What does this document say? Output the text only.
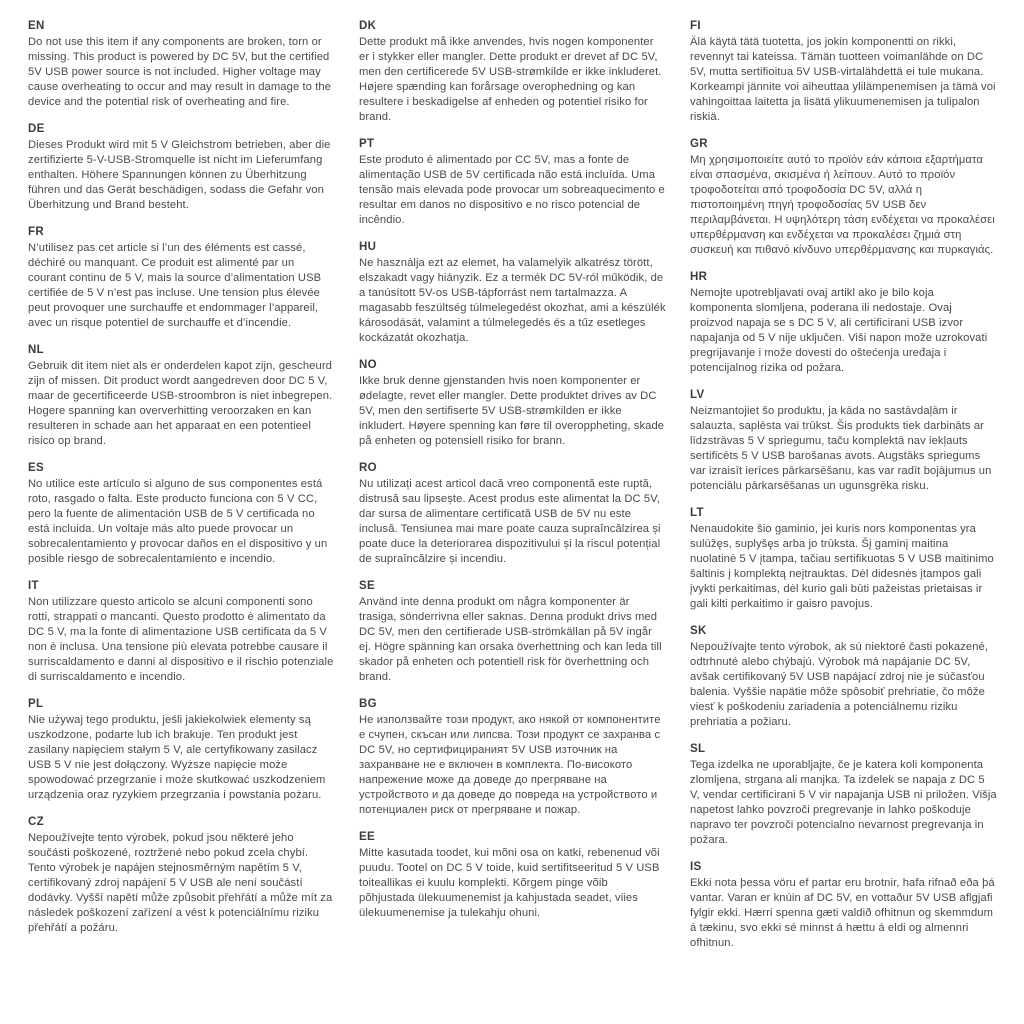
EN

Do not use this item if any components are broken, torn or missing. This product is powered by DC 5V, but the certified 5V USB power source is not included. Higher voltage may cause overheating to occur and may result in damage to the device and the potential risk of overheating and fire.

DE

Dieses Produkt wird mit 5 V Gleichstrom betrieben, aber die zertifizierte 5-V-USB-Stromquelle ist nicht im Lieferumfang enthalten. Höhere Spannungen können zu Überhitzung führen und das Gerät beschädigen, sodass die Gefahr von Überhitzung und Brand besteht.

FR

N’utilisez pas cet article si l’un des éléments est cassé, déchiré ou manquant. Ce produit est alimenté par un courant continu de 5 V, mais la source d’alimentation USB certifiée de 5 V n’est pas incluse. Une tension plus élevée peut provoquer une surchauffe et endommager l’appareil, avec un risque potentiel de surchauffe et d’incendie.

NL

Gebruik dit item niet als er onderdelen kapot zijn, gescheurd zijn of missen. Dit product wordt aangedreven door DC 5 V, maar de gecertificeerde USB-stroombron is niet inbegrepen. Hogere spanning kan oververhitting veroorzaken en kan resulteren in schade aan het apparaat en een potentieel risico op brand.

ES

No utilice este artículo si alguno de sus componentes está roto, rasgado o falta. Este producto funciona con 5 V CC, pero la fuente de alimentación USB de 5 V certificada no está incluida. Un voltaje más alto puede provocar un sobrecalentamiento y provocar daños en el dispositivo y un posible riesgo de sobrecalentamiento e incendio.

IT

Non utilizzare questo articolo se alcuni componenti sono rotti, strappati o mancanti. Questo prodotto è alimentato da DC 5 V, ma la fonte di alimentazione USB certificata da 5 V non è inclusa. Una tensione più elevata potrebbe causare il surriscaldamento e danni al dispositivo e il rischio potenziale di surriscaldamento e incendio.

PL

Nie używaj tego produktu, jeśli jakiekolwiek elementy są uszkodzone, podarte lub ich brakuje. Ten produkt jest zasilany napięciem stałym 5 V, ale certyfikowany zasilacz USB 5 V nie jest dołączony. Wyższe napięcie może spowodować przegrzanie i może skutkować uszkodzeniem urządzenia oraz ryzykiem przegrzania i powstania pożaru.

CZ

Nepoužívejte tento výrobek, pokud jsou některé jeho součásti poškozené, roztržené nebo pokud zcela chybí. Tento výrobek je napájen stejnosměrným napětím 5 V, certifikovaný zdroj napájení 5 V USB ale není součástí dodávky. Vyšší napětí může způsobit přehřátí a může mít za následek poškození zařízení a vést k potenciálnímu riziku přehřátí a požáru.

DK

Dette produkt må ikke anvendes, hvis nogen komponenter er i stykker eller mangler. Dette produkt er drevet af DC 5V, men den certificerede 5V USB-strømkilde er ikke inkluderet. Højere spænding kan forårsage overophedning og kan resultere i beskadigelse af enheden og potentiel risiko for brand.

PT

Este produto é alimentado por CC 5V, mas a fonte de alimentação USB de 5V certificada não está incluída. Uma tensão mais elevada pode provocar um sobreaquecimento e resultar em danos no dispositivo e no risco potencial de incêndio.

HU

Ne használja ezt az elemet, ha valamelyik alkatrész törött, elszakadt vagy hiányzik. Ez a termék DC 5V-ról működik, de a tanúsított 5V-os USB-tápforrást nem tartalmazza. A magasabb feszültség túlmelegedést okozhat, ami a készülék károsodását, valamint a túlmelegedés és a tűz esetleges kockázatát okozhatja.

NO

Ikke bruk denne gjenstanden hvis noen komponenter er ødelagte, revet eller mangler. Dette produktet drives av DC 5V, men den sertifiserte 5V USB-strømkilden er ikke inkludert. Høyere spenning kan føre til overoppheting, skade på enheten og potensiell risiko for brann.

RO

Nu utilizați acest articol dacă vreo componentă este ruptă, distrusă sau lipsește. Acest produs este alimentat la DC 5V, dar sursa de alimentare certificată USB de 5V nu este inclusă. Tensiunea mai mare poate cauza supraîncălzirea și poate duce la deteriorarea dispozitivului și la riscul potențial de supraîncălzire și incendiu.

SE

Använd inte denna produkt om några komponenter är trasiga, sönderrivna eller saknas. Denna produkt drivs med DC 5V, men den certifierade USB-strömkällan på 5V ingår ej. Högre spänning kan orsaka överhettning och kan leda till skador på enheten och potentiell risk för överhettning och brand.

BG

Не използвайте този продукт, ако някой от компонентите е счупен, скъсан или липсва. Този продукт се захранва с DC 5V, но сертифицираният 5V USB източник на захранване не е включен в комплекта. По-високото напрежение може да доведе до прегряване на устройството и да доведе до повреда на устройството и потенциален риск от прегряване и пожар.

EE

Mitte kasutada toodet, kui mõni osa on katki, rebenenud või puudu. Tootel on DC 5 V toide, kuid sertifitseeritud 5 V USB toiteallikas ei kuulu komplekti. Kõrgem pinge võib põhjustada ülekuumenemist ja kahjustada seadet, viies ülekuumenemise ja tulekahju ohuni.

FI

Älä käytä tätä tuotetta, jos jokin komponentti on rikki, revennyt tai kateissa. Tämän tuotteen voimanlähde on DC 5V, mutta sertifioitua 5V USB-virtalähdettä ei tule mukana. Korkeampi jännite voi aiheuttaa ylilämpenemisen ja tämä voi vahingoittaa laitetta ja lisätä ylikuumenemisen ja tulipalon riskiä.

GR

Μη χρησιμοποιείτε αυτό το προϊόν εάν κάποια εξαρτήματα είναι σπασμένα, σκισμένα ή λείπουν. Αυτό το προϊόν τροφοδοτείται από τροφοδοσία DC 5V, αλλά η πιστοποιημένη πηγή τροφοδοσίας 5V USB δεν περιλαμβάνεται. Η υψηλότερη τάση ενδέχεται να προκαλέσει υπερθέρμανση και ενδέχεται να προκαλέσει ζημιά στη συσκευή και πιθανό κίνδυνο υπερθέρμανσης και πυρκαγιάς.

HR

Nemojte upotrebljavati ovaj artikl ako je bilo koja komponenta slomljena, poderana ili nedostaje. Ovaj proizvod napaja se s DC 5 V, ali certificirani USB izvor napajanja od 5 V nije uključen. Viši napon može uzrokovati pregrijavanje i može dovesti do oštećenja uređaja i potencijalnog rizika od požara.

LV

Neizmantojiet šo produktu, ja kāda no sastāvdaļām ir salauzta, saplēsta vai trūkst. Šis produkts tiek darbināts ar līdzstrāvas 5 V spriegumu, taču komplektā nav iekļauts sertificēts 5 V USB barošanas avots. Augstāks spriegums var izraisīt ierīces pārkarsēšanu, kas var radīt bojājumus un potenciālu pārkarsēšanas un ugunsgrēka risku.

LT

Nenaudokite šio gaminio, jei kuris nors komponentas yra sulūžęs, suplyšęs arba jo trūksta. Šį gaminį maitina nuolatinė 5 V įtampa, tačiau sertifikuotas 5 V USB maitinimo šaltinis į komplektą neįtrauktas. Dėl didesnės įtampos gali įvykti perkaitimas, dėl kurio gali būti pažeistas prietaisas ir gali kilti perkaitimo ir gaisro pavojus.

SK

Nepoužívajte tento výrobok, ak sú niektoré časti pokazené, odtrhnuté alebo chýbajú. Výrobok má napájanie DC 5V, avšak certifikovaný 5V USB napájací zdroj nie je súčasťou balenia. Vyššie napätie môže spôsobiť prehriatie, čo môže viesť k poškodeniu zariadenia a potenciálnemu riziku prehriatia a požiaru.

SL

Tega izdelka ne uporabljajte, če je katera koli komponenta zlomljena, strgana ali manjka. Ta izdelek se napaja z DC 5 V, vendar certificirani 5 V vir napajanja USB ni priložen. Višja napetost lahko povzroči pregrevanje in lahko poškoduje napravo ter povzroči potencialno nevarnost pregrevanja in požara.

IS

Ekki nota þessa vöru ef partar eru brotnir, hafa rifnað eða þá vantar. Varan er knúin af DC 5V, en vottaður 5V USB aflgjafi fylgir ekki. Hærri spenna gæti valdið ofhitnun og skemmdum á tækinu, svo ekki sé minnst á hættu á eldi og almennri ofhitnun.
